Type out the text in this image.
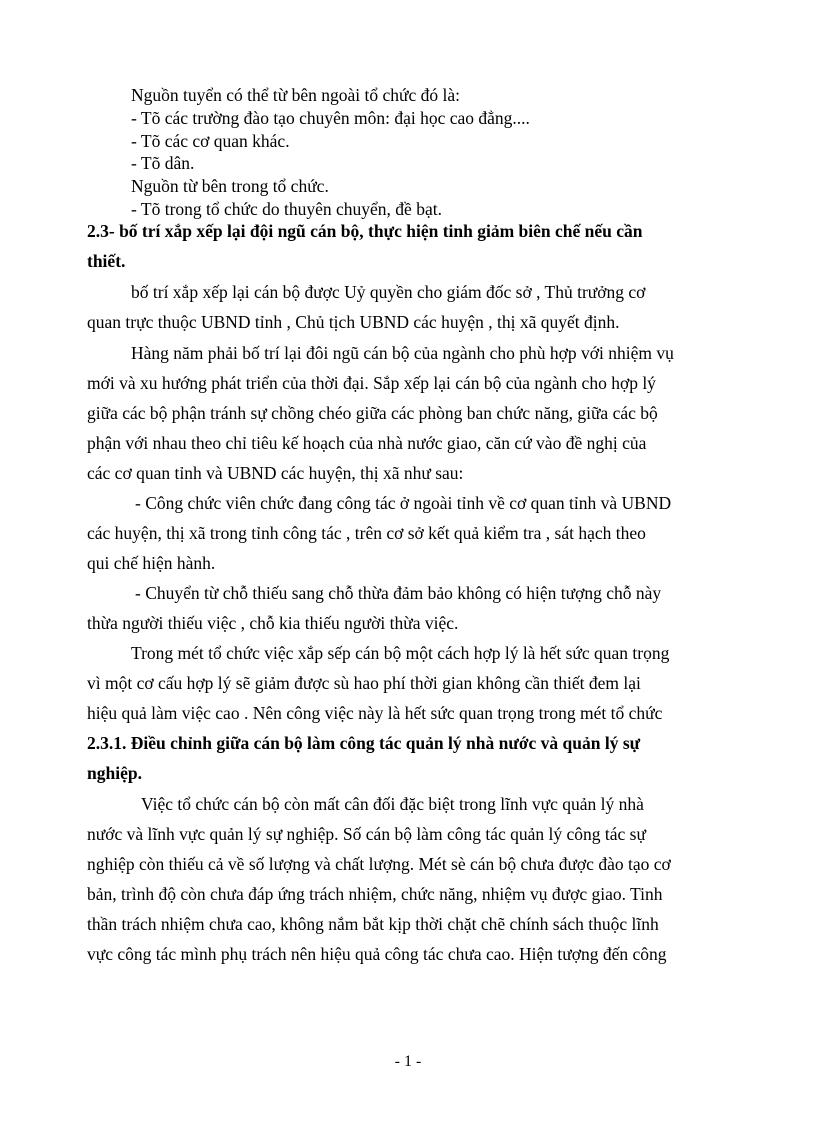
Nguồn tuyển có thể từ bên ngoài tổ chức đó là:
- Tõ các trường đào tạo chuyên môn: đại học cao đẳng....
- Tõ các cơ quan khác.
- Tõ dân.
Nguồn từ bên trong tổ chức.
- Tõ trong tổ chức do thuyên chuyển, đề bạt.
2.3- bố trí xắp xếp lại đội ngũ cán bộ, thực hiện tinh giảm biên chế nếu cần
thiết.
bố trí xắp xếp lại cán bộ được Uỷ quyền cho giám đốc sở , Thủ trưởng cơ
quan trực thuộc UBND tỉnh , Chủ tịch UBND các huyện , thị xã quyết định.
Hàng năm phải bố trí lại đôi ngũ cán bộ của ngành cho phù hợp với nhiệm vụ
mới và xu hướng phát triển của thời đại. Sắp xếp lại cán bộ của ngành cho hợp lý
giữa các bộ phận tránh sự chồng chéo giữa các phòng ban chức năng, giữa các bộ
phận với nhau theo chỉ tiêu kế hoạch của nhà nước giao, căn cứ vào đề nghị của
các cơ quan tỉnh và UBND các huyện, thị xã như sau:
- Công chức viên chức đang công tác ở ngoài tỉnh về cơ quan tỉnh và UBND
các huyện, thị xã trong tỉnh công tác , trên cơ sở kết quả kiểm tra , sát hạch theo
qui chế hiện hành.
- Chuyển từ chỗ thiếu sang chỗ thừa đảm bảo không có hiện tượng chỗ này
thừa người thiếu việc , chỗ kia thiếu người thừa việc.
Trong mét tổ chức việc xắp sếp cán bộ một cách hợp lý là hết sức quan trọng
vì một cơ cấu hợp lý sẽ giảm được sù hao phí thời gian không cần thiết đem lại
hiệu quả làm việc cao . Nên công việc này là hết sức quan trọng trong mét tổ chức
2.3.1. Điều chỉnh giữa cán bộ làm công tác quản lý nhà nước và quản lý sự
nghiệp.
Việc tổ chức cán bộ còn mất cân đối đặc biệt trong lĩnh vực quản lý nhà
nước và lĩnh vực quản lý sự nghiệp. Số cán bộ làm công tác quản lý công tác sự
nghiệp còn thiếu cả về số lượng và chất lượng. Mét sè cán bộ chưa được đào tạo cơ
bản, trình độ còn chưa đáp ứng trách nhiệm, chức năng, nhiệm vụ được giao. Tinh
thần trách nhiệm chưa cao, không nắm bắt kịp thời chặt chẽ chính sách thuộc lĩnh
vực công tác mình phụ trách nên hiệu quả công tác chưa cao. Hiện tượng đến công
- 1 -
